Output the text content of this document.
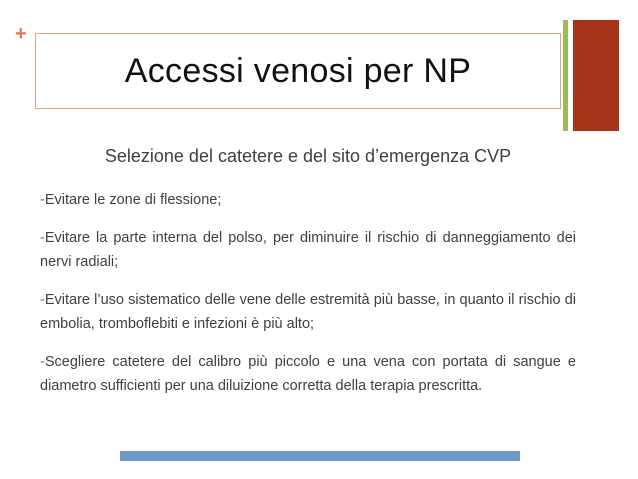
+
Accessi venosi per NP
Selezione del catetere e del sito d’emergenza CVP

-Evitare le zone di flessione;

-Evitare la parte interna del polso, per diminuire il rischio di danneggiamento dei nervi radiali;

-Evitare l’uso sistematico delle vene delle estremità più basse, in quanto il rischio di embolia, tromboflebiti e infezioni è più alto;

-Scegliere catetere del calibro più piccolo e una vena con portata di sangue e diametro sufficienti per una diluizione corretta della terapia prescritta.
